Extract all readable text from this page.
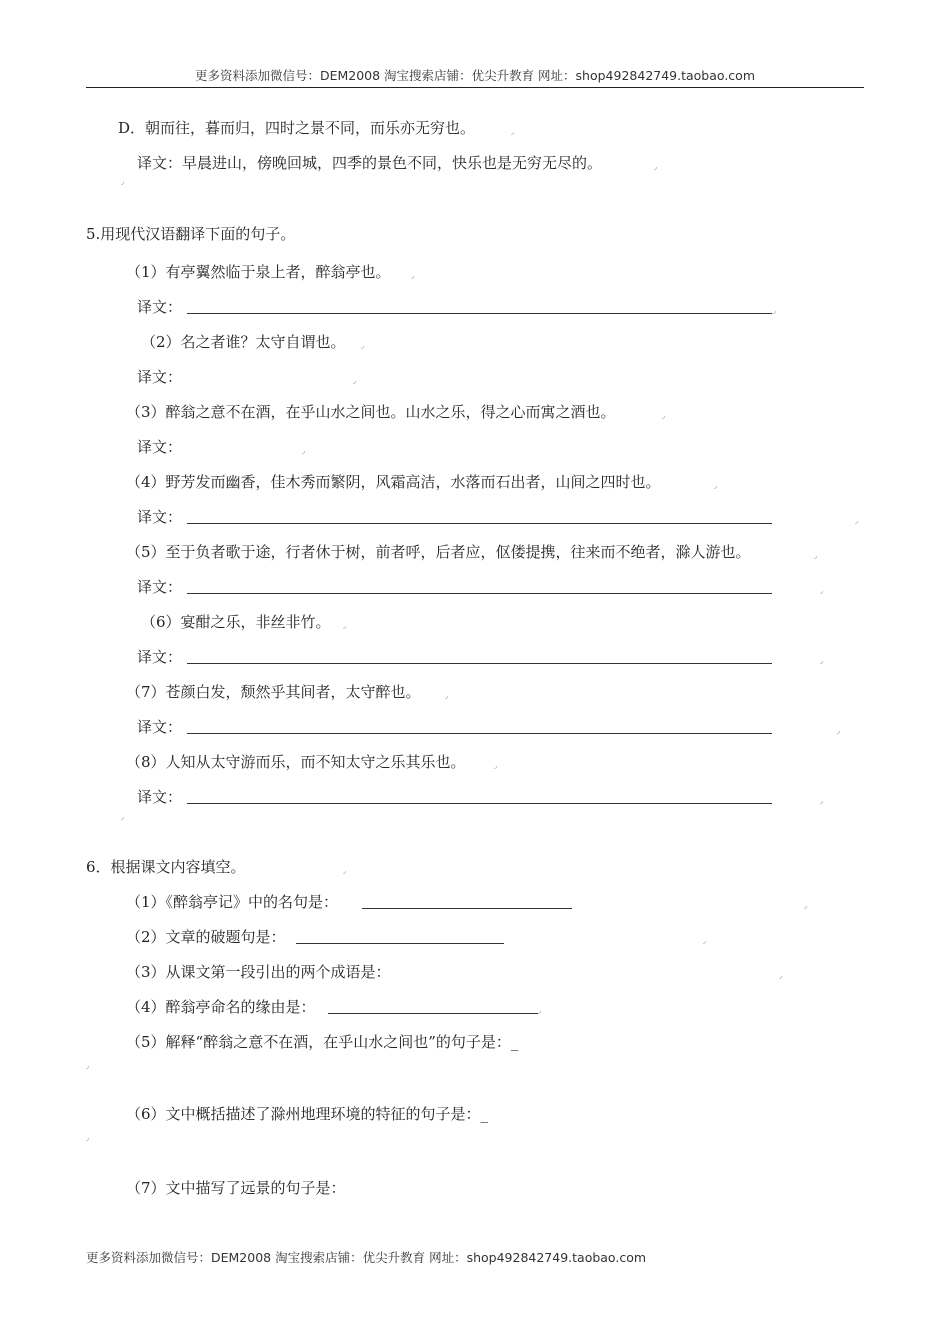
更多资料添加微信号：DEM2008 淘宝搜索店铺：优尖升教育 网址：shop492842749.taobao.com
D．朝而往，暮而归，四时之景不同，而乐亦无穷也。	◞
译文：早晨进山，傍晚回城，四季的景色不同，快乐也是无穷无尽的。	◞
◞
5.用现代汉语翻译下面的句子。
（1）有亭翼然临于泉上者，醉翁亭也。	◞
译文：	◞
（2）名之者谁？太守自谓也。 ◞
译文：	◞
（3）醉翁之意不在酒，在乎山水之间也。山水之乐，得之心而寓之酒也。	◞
译文：	◞
（4）野芳发而幽香，佳木秀而繁阴，风霜高洁，水落而石出者，山间之四时也。	◞
译文：	◞
（5）至于负者歌于途，行者休于树，前者呼，后者应，伛偻提携，往来而不绝者，滁人游也。	◞
译文：	◞
（6）宴酣之乐，非丝非竹。 ◞
译文：	◞
（7）苍颜白发，颓然乎其间者，太守醉也。	◞
译文：	◞
（8）人知从太守游而乐，而不知太守之乐其乐也。	◞
译文：	◞
◞
6．根据课文内容填空。	◞
（1）《醉翁亭记》中的名句是：	◞
（2）文章的破题句是：	◞
（3）从课文第一段引出的两个成语是：	◞
（4）醉翁亭命名的缘由是：	◞
（5）解释“醉翁之意不在酒，在乎山水之间也”的句子是：_
◞
（6）文中概括描述了滁州地理环境的特征的句子是：_
◞
（7）文中描写了远景的句子是：
更多资料添加微信号：DEM2008 淘宝搜索店铺：优尖升教育 网址：shop492842749.taobao.com
